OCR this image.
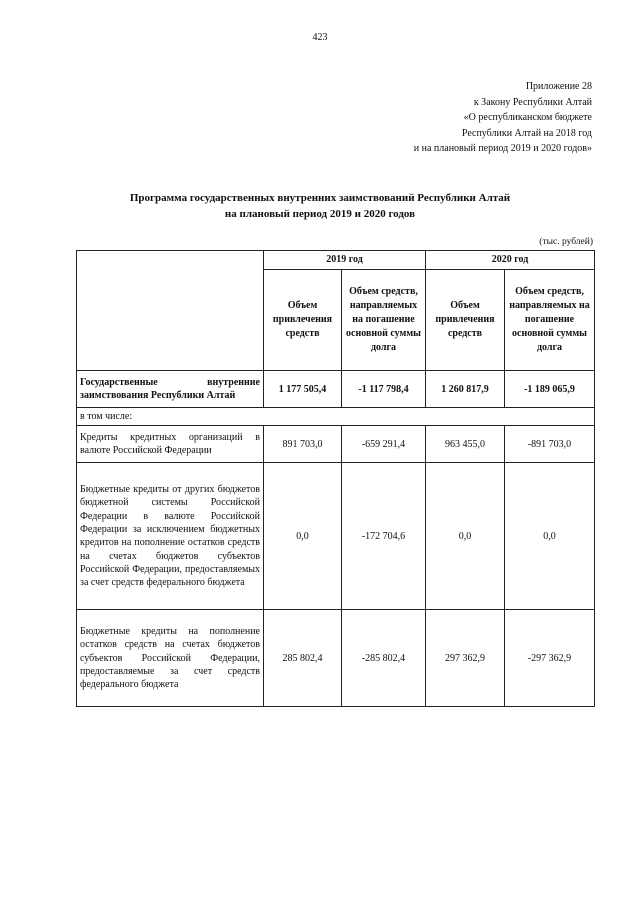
423
Приложение 28
к Закону Республики Алтай
«О республиканском бюджете
Республики Алтай на 2018 год
и на плановый период 2019 и 2020 годов»
Программа государственных внутренних заимствований Республики Алтай
на плановый период 2019 и 2020 годов
(тыс. рублей)
	2019 год		2020 год	
	Объем привлечения средств	Объем средств, направляемых на погашение основной суммы долга	Объем привлечения средств	Объем средств, направляемых на погашение основной суммы долга
Государственные внутренние заимствования Республики Алтай	1 177 505,4	-1 117 798,4	1 260 817,9	-1 189 065,9
в том числе:				
Кредиты кредитных организаций в валюте Российской Федерации	891 703,0	-659 291,4	963 455,0	-891 703,0
Бюджетные кредиты от других бюджетов бюджетной системы Российской Федерации в валюте Российской Федерации за исключением бюджетных кредитов на пополнение остатков средств на счетах бюджетов субъектов Российской Федерации, предоставляемых за счет средств федерального бюджета	0,0	-172 704,6	0,0	0,0
Бюджетные кредиты на пополнение остатков средств на счетах бюджетов субъектов Российской Федерации, предоставляемые за счет средств федерального бюджета	285 802,4	-285 802,4	297 362,9	-297 362,9
